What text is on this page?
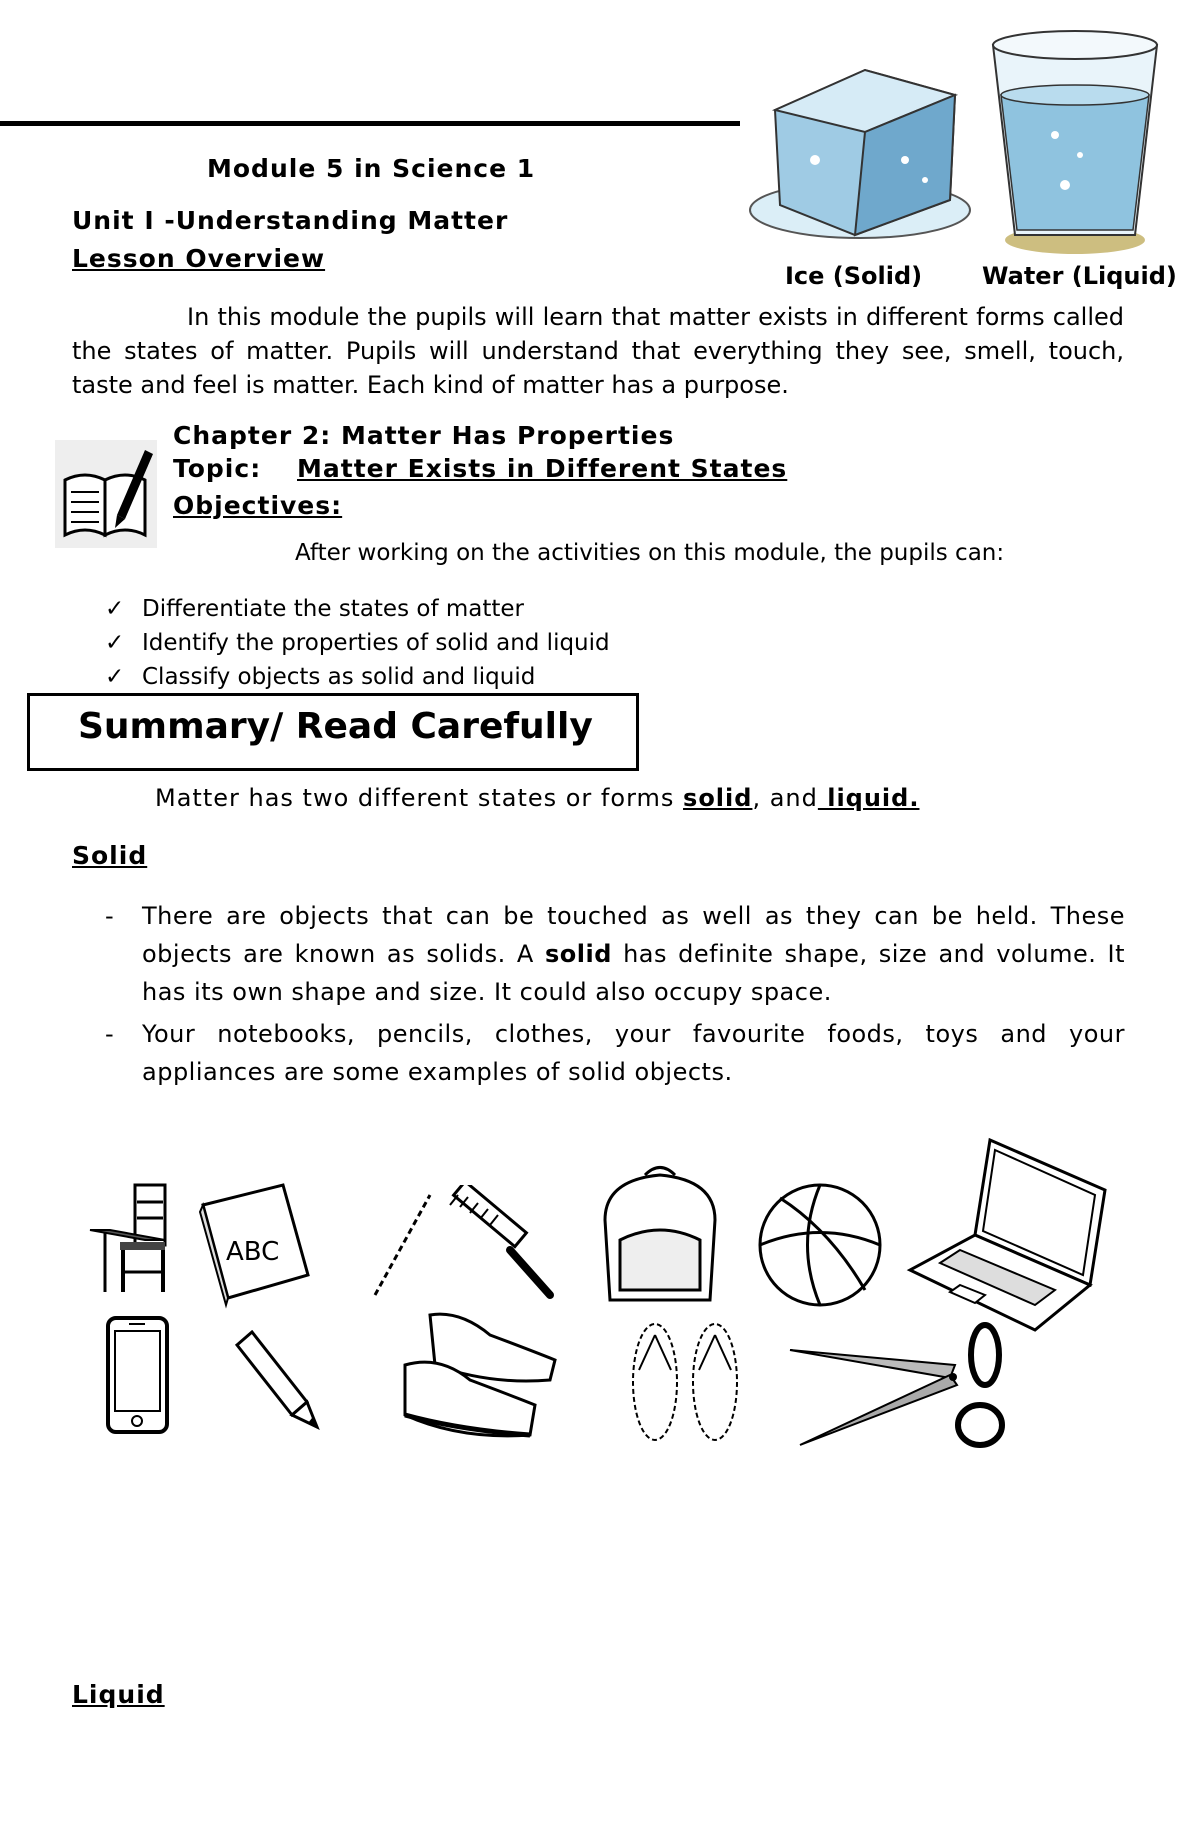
Ice (Solid) Water (Liquid)
Module 5 in Science 1
Unit I -Understanding Matter
Lesson Overview
In this module the pupils will learn that matter exists in different forms called the states of matter. Pupils will understand that everything they see, smell, touch, taste and feel is matter. Each kind of matter has a purpose.
Chapter 2: Matter Has Properties
Topic: Matter Exists in Different States
Objectives:
After working on the activities on this module, the pupils can:
✓ Differentiate the states of matter
✓ Identify the properties of solid and liquid
✓ Classify objects as solid and liquid
Summary/ Read Carefully
Matter has two different states or forms solid, and liquid.
Solid
- There are objects that can be touched as well as they can be held. These objects are known as solids. A solid has definite shape, size and volume. It has its own shape and size. It could also occupy space.
- Your notebooks, pencils, clothes, your favourite foods, toys and your appliances are some examples of solid objects.
ABC
Liquid
